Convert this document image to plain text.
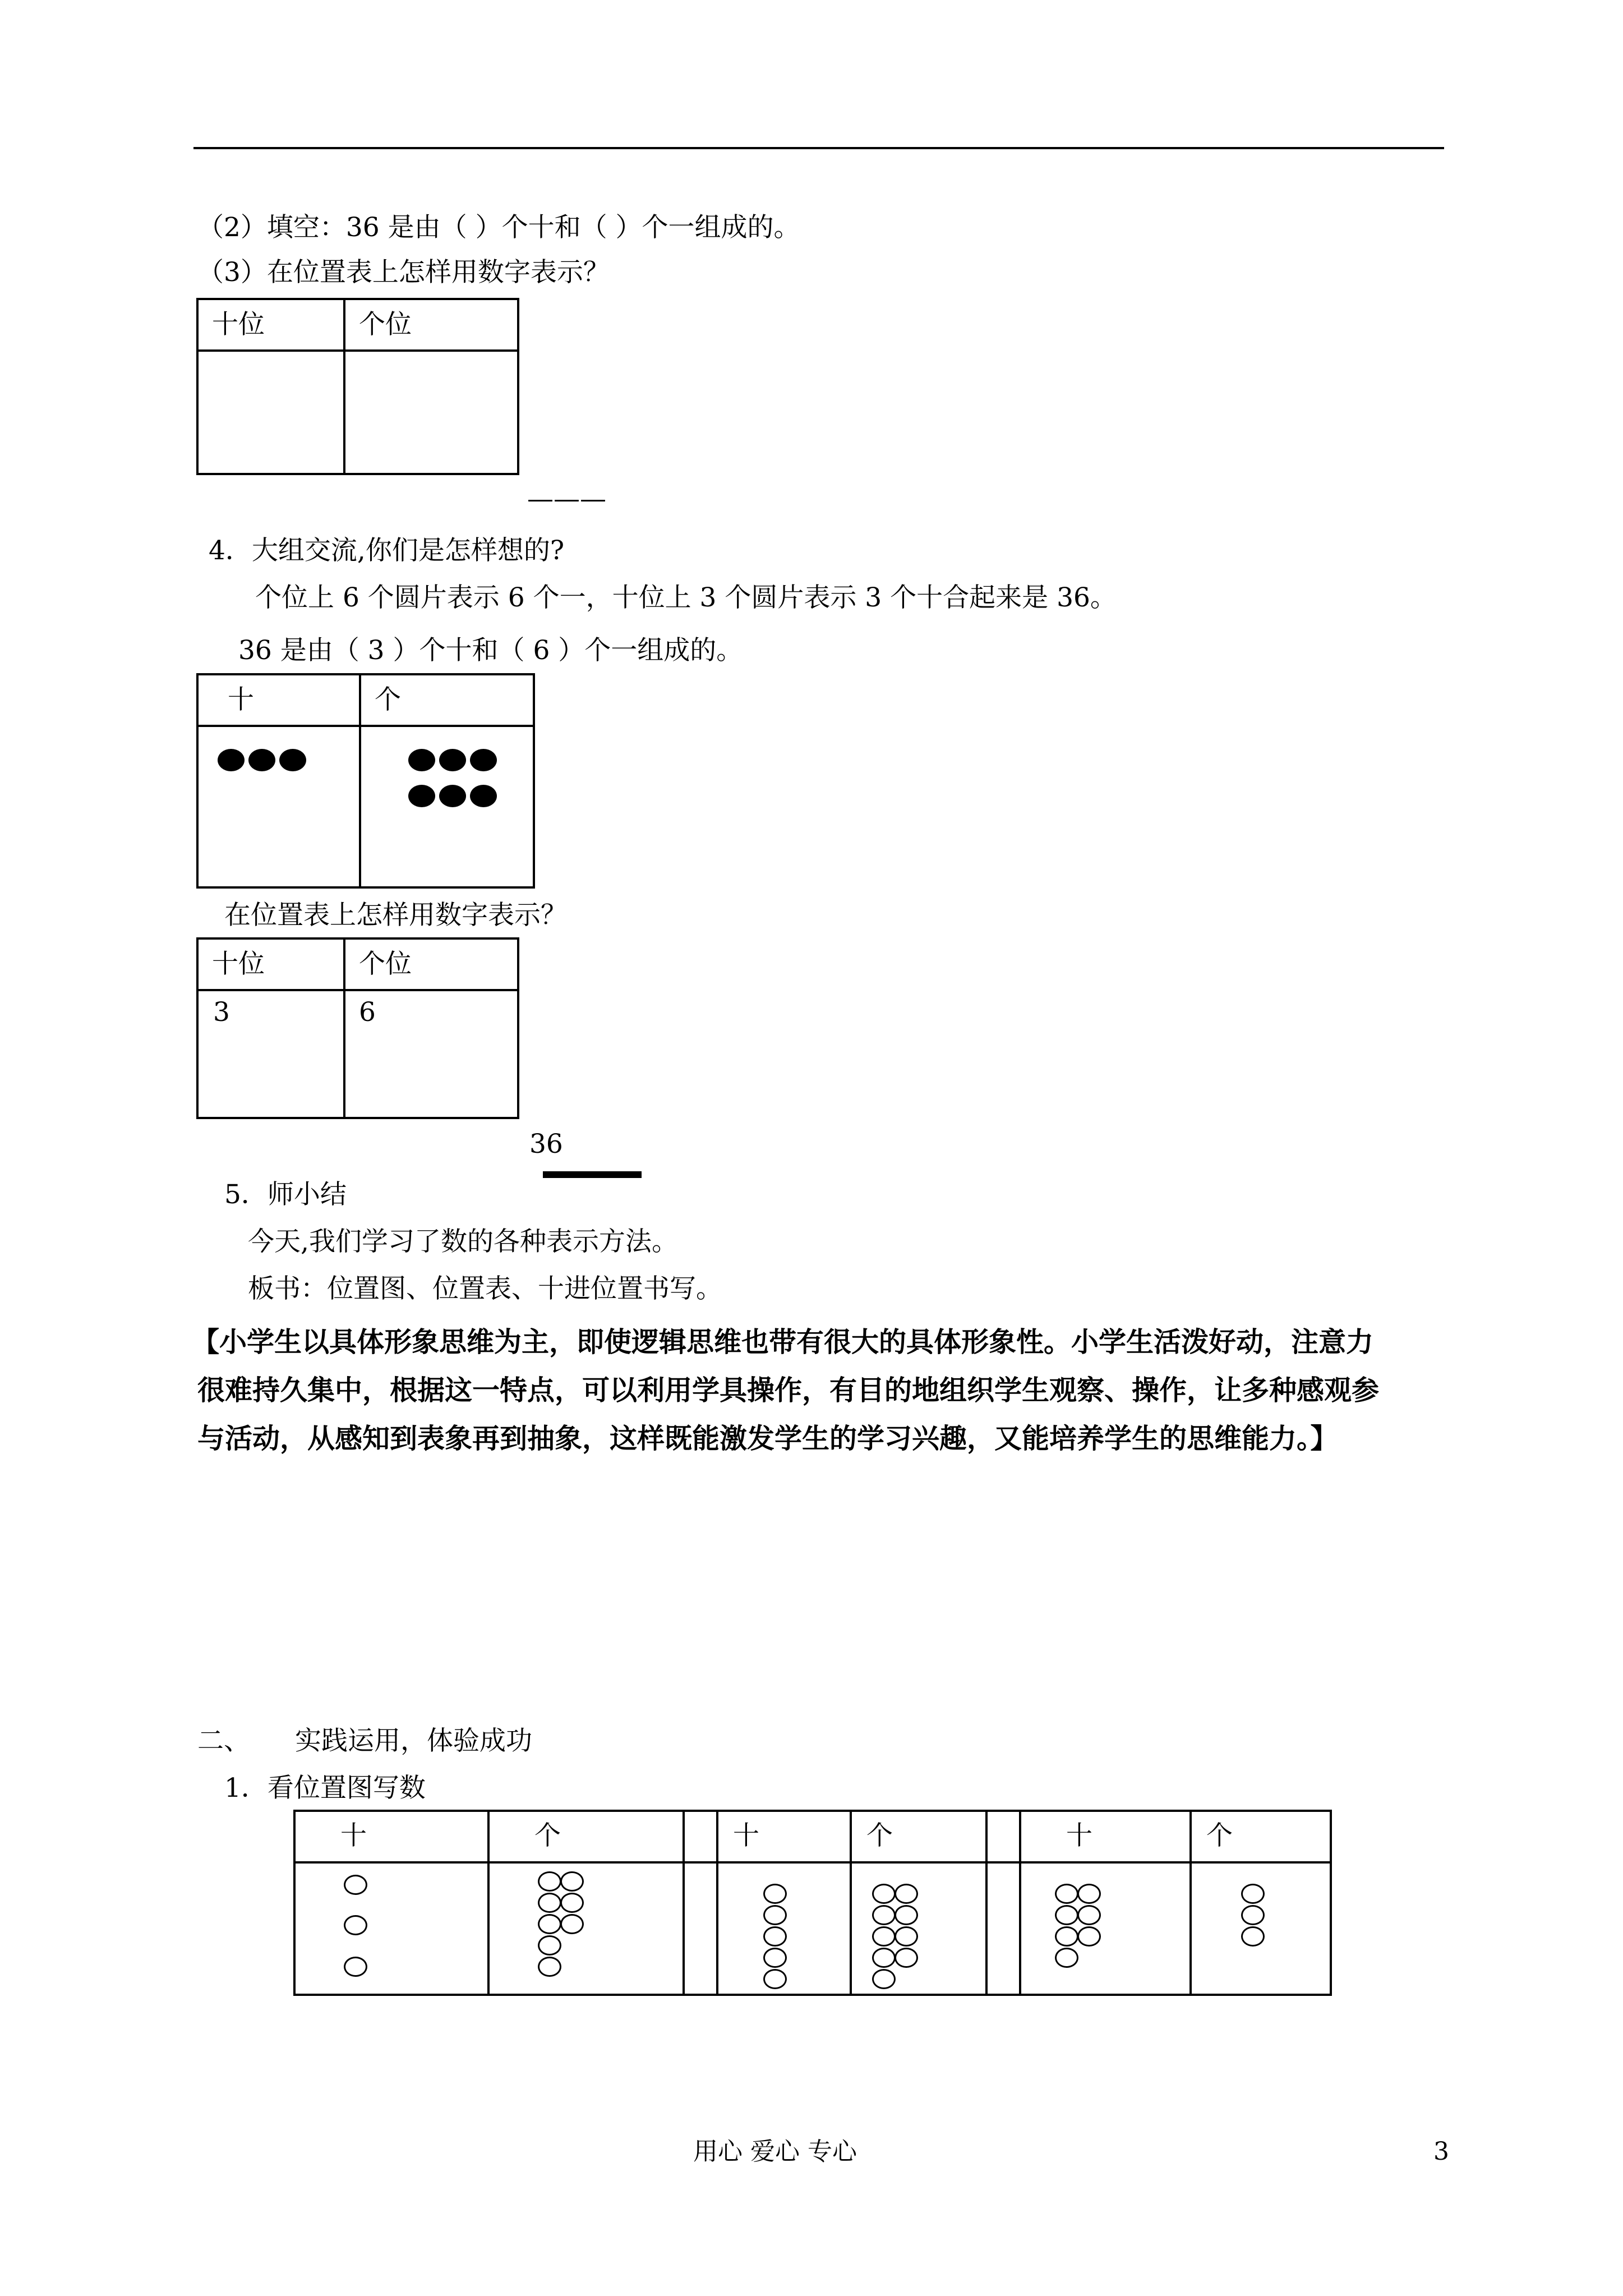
（2）填空：36 是由（ ）个十和（ ）个一组成的。
（3）在位置表上怎样用数字表示？
十位	个位

———
4．大组交流,你们是怎样想的?
个位上 6 个圆片表示 6 个一，十位上 3 个圆片表示 3 个十合起来是 36。
36 是由（ 3 ）个十和（ 6 ）个一组成的。
十	个

在位置表上怎样用数字表示？
十位	个位
3	6
36
5．师小结
今天,我们学习了数的各种表示方法。
板书：位置图、位置表、十进位置书写。
【小学生以具体形象思维为主，即使逻辑思维也带有很大的具体形象性。小学生活泼好动，注意力
很难持久集中，根据这一特点，可以利用学具操作，有目的地组织学生观察、操作，让多种感观参
与活动，从感知到表象再到抽象，这样既能激发学生的学习兴趣，又能培养学生的思维能力。】
二、 实践运用，体验成功
1．看位置图写数
十	个		十	个		十	个

用心 爱心 专心	3
